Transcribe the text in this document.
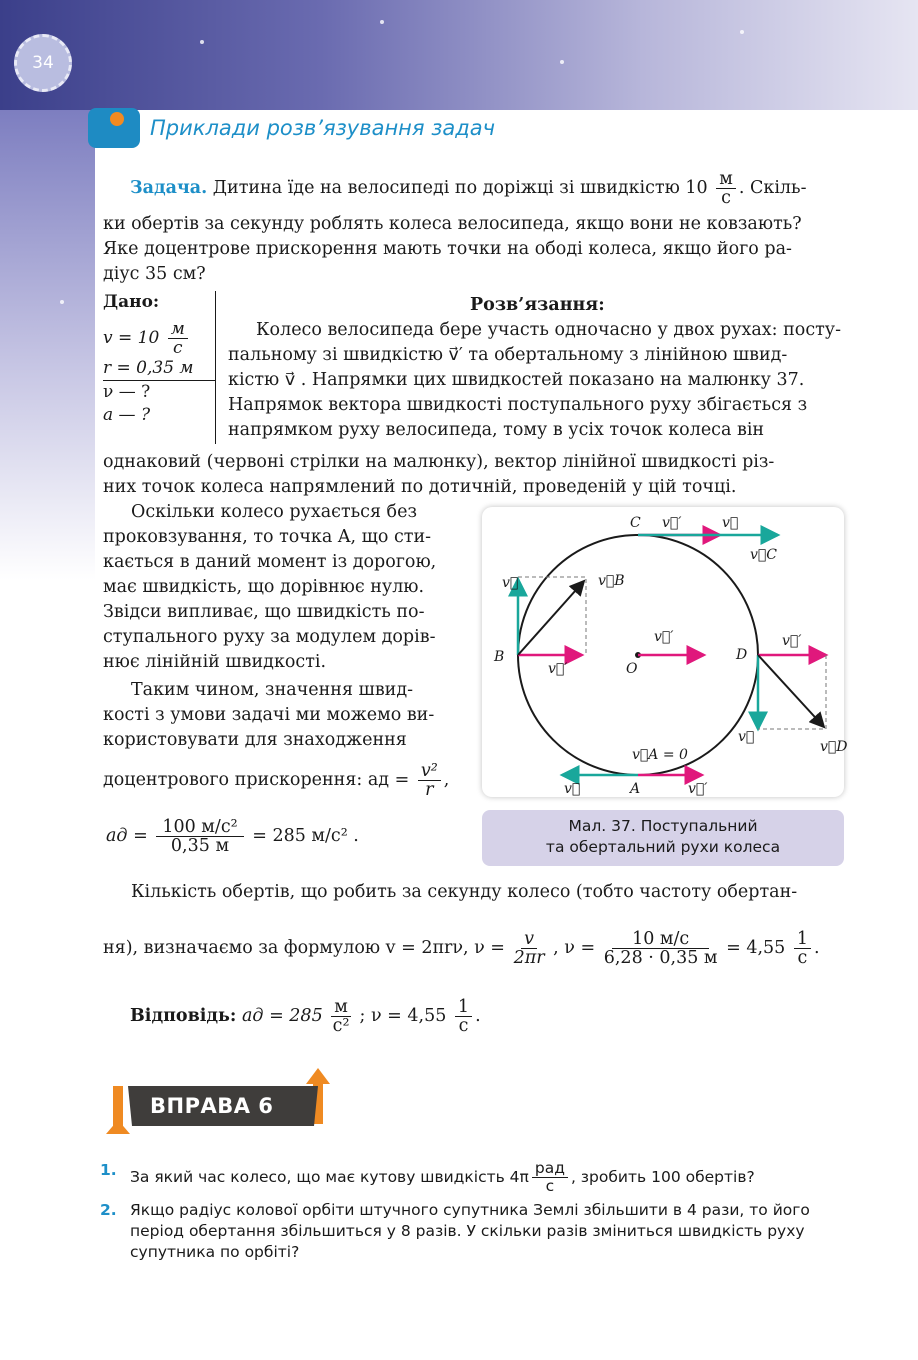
34
Приклади розв’язування задач
Задача. Дитина їде на велосипеді по доріжці зі швидкістю $10 \frac{м}{с}$ . Скіль-
ки обертів за секунду роблять колеса велосипеда, якщо вони не ковзають?
Яке доцентрове прискорення мають точки на ободі колеса, якщо його ра-
діус 35 см?
Дано:
$v = 10 \frac{м}{с}$
r = 0,35 м
ν — ?
a — ?
Розв’язання:
Колесо велосипеда бере участь одночасно у двох рухах: посту-
пальному зі швидкістю v⃗′ та обертальному з лінійною швид-
кістю v⃗ . Напрямки цих швидкостей показано на малюнку 37.
Напрямок вектора швидкості поступального руху збігається з
напрямком руху велосипеда, тому в усіх точок колеса він
однаковий (червоні стрілки на малюнку), вектор лінійної швидкості різ-
них точок колеса напрямлений по дотичній, проведеній у цій точці.
Оскільки колесо рухається без
проковзування, то точка A, що сти-
кається в даний момент із дорогою,
має швидкість, що дорівнює нулю.
Звідси випливає, що швидкість по-
ступального руху за модулем дорів-
нює лінійній швидкості.
Таким чином, значення швид-
кості з умови задачі ми можемо ви-
користовувати для знаходження
доцентрового прискорення: aд = $\frac{\text{v²}}{r}$ ,
aд = $\frac{\text{100 м/с²}}{0,35 м} = 285$ м/с² .
C v⃗′	v⃗
v⃗C
v⃗	v⃗B
B
v⃗′
v⃗′
O
D
v⃗′
v⃗
v⃗D
v⃗A = 0
v⃗	A	v⃗′
Мал. 37. Поступальний
та обертальний рухи колеса
Кількість обертів, що робить за секунду колесо (тобто частоту обертан-
ня), визначаємо за формулою v = 2πrν, $\nu = \frac{v}{2\pi r}$ , $\nu = \frac{10 м/с}{6,28 \cdot 0,35 м} = 4,55 \frac{1}{с}$ .
Відповідь: aд = $285 \frac{м}{\text{с²}}$ ; $\nu = 4,55 \frac{1}{с}$ .
ВПРАВА 6
1. За який час колесо, що має кутову швидкість $4\pi \frac{\text{рад}}{с}$ , зробить 100 обертів?
2. Якщо радіус колової орбіти штучного супутника Землі збільшити в 4 рази, то його період обертання збільшиться у 8 разів. У скільки разів зміниться швидкість руху супутника по орбіті?
